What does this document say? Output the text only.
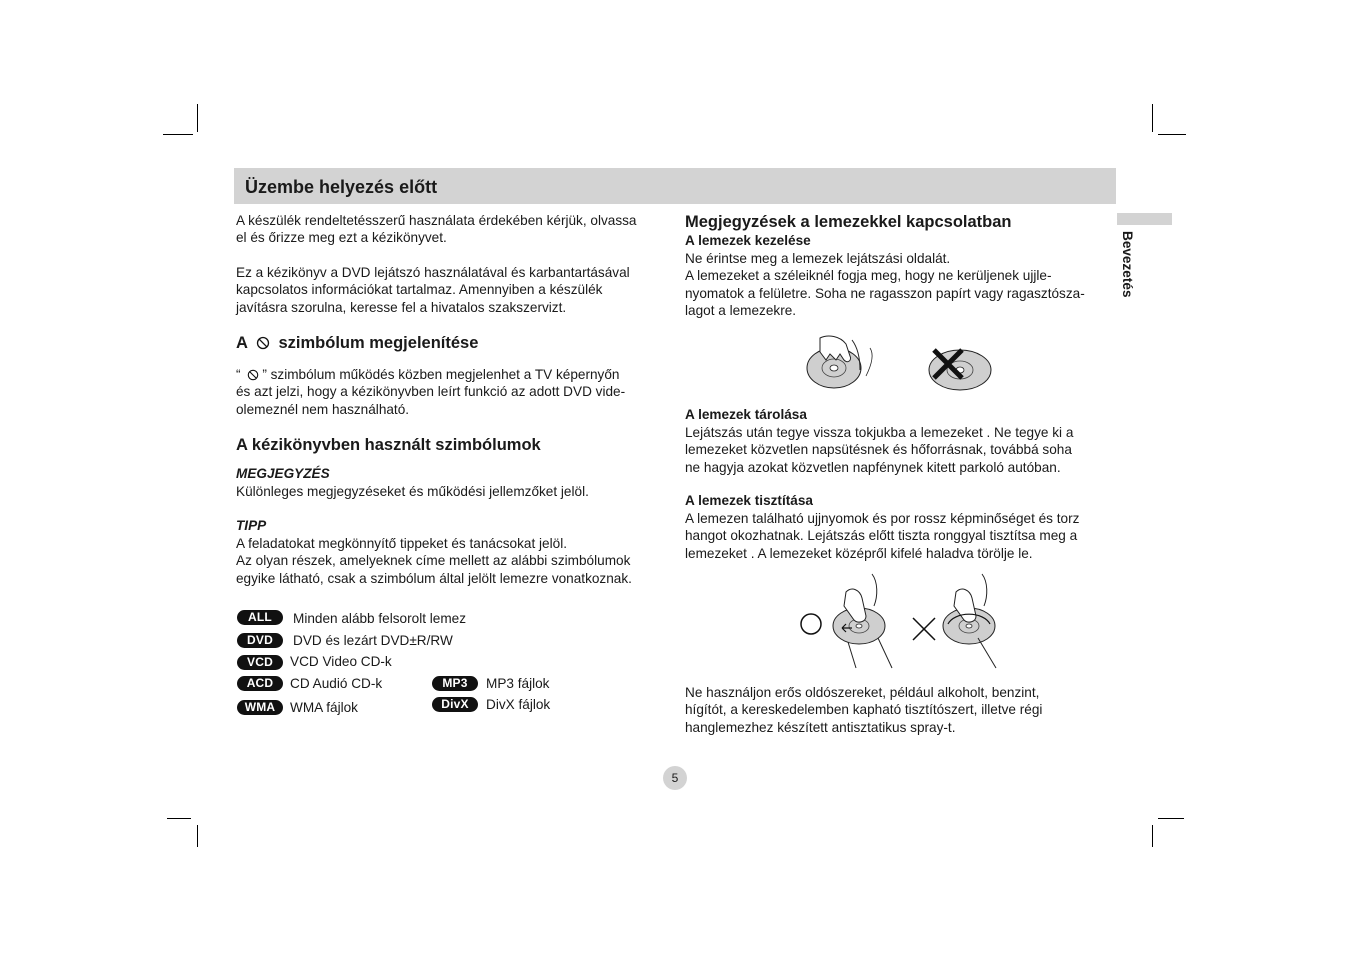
Üzembe helyezés előtt
Bevezetés
A készülék rendeltetésszerű használata érdekében kérjük, olvassa
el és őrizze meg ezt a kézikönyvet.
Ez a kézikönyv a DVD lejátszó használatával és karbantartásával
kapcsolatos információkat tartalmaz. Amennyiben a készülék
javításra szorulna, keresse fel a hivatalos szakszervizt.
A szimbólum megjelenítése
“ ” szimbólum működés közben megjelenhet a TV képernyőn
és azt jelzi, hogy a kézikönyvben leírt funkció az adott DVD vide-
olemeznél nem használható.
A kézikönyvben használt szimbólumok
MEGJEGYZÉS
Különleges megjegyzéseket és működési jellemzőket jelöl.
TIPP
A feladatokat megkönnyítő tippeket és tanácsokat jelöl.
Az olyan részek, amelyeknek címe mellett az alábbi szimbólumok
egyike látható, csak a szimbólum által jelölt lemezre vonatkoznak.
ALL	Minden alább felsorolt lemez
DVD	DVD és lezárt DVD±R/RW
VCD	VCD Video CD-k
ACD	CD Audió CD-k
WMA	WMA fájlok
MP3	MP3 fájlok
DivX	DivX fájlok
Megjegyzések a lemezekkel kapcsolatban
A lemezek kezelése
Ne érintse meg a lemezek lejátszási oldalát.
A lemezeket a széleiknél fogja meg, hogy ne kerüljenek ujjle-
nyomatok a felületre. Soha ne ragasszon papírt vagy ragasztósza-
lagot a lemezekre.
A lemezek tárolása
Lejátszás után tegye vissza tokjukba a lemezeket . Ne tegye ki a
lemezeket közvetlen napsütésnek és hőforrásnak, továbbá soha
ne hagyja azokat közvetlen napfénynek kitett parkoló autóban.
A lemezek tisztítása
A lemezen található ujjnyomok és por rossz képminőséget és torz
hangot okozhatnak. Lejátszás előtt tiszta ronggyal tisztítsa meg a
lemezeket . A lemezeket középről kifelé haladva törölje le.
Ne használjon erős oldószereket, például alkoholt, benzint,
hígítót, a kereskedelemben kapható tisztítószert, illetve régi
hanglemezhez készített antisztatikus spray-t.
5
